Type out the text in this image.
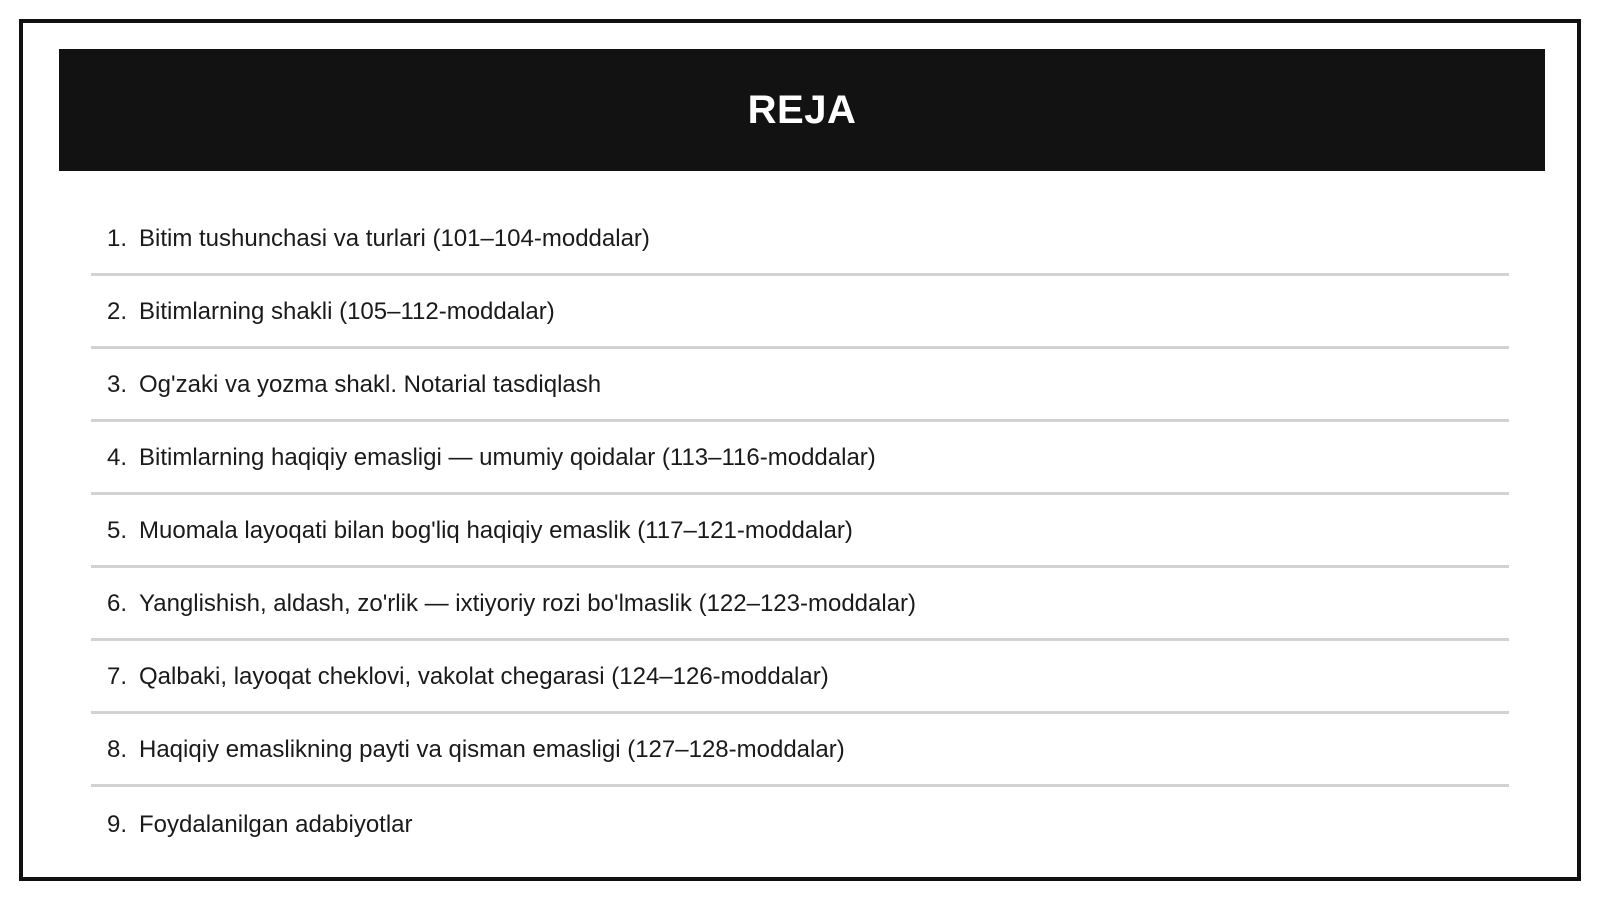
REJA
1. Bitim tushunchasi va turlari (101–104-moddalar)
2. Bitimlarning shakli (105–112-moddalar)
3. Og'zaki va yozma shakl. Notarial tasdiqlash
4. Bitimlarning haqiqiy emasligi — umumiy qoidalar (113–116-moddalar)
5. Muomala layoqati bilan bog'liq haqiqiy emaslik (117–121-moddalar)
6. Yanglishish, aldash, zo'rlik — ixtiyoriy rozi bo'lmaslik (122–123-moddalar)
7. Qalbaki, layoqat cheklovi, vakolat chegarasi (124–126-moddalar)
8. Haqiqiy emaslikning payti va qisman emasligi (127–128-moddalar)
9. Foydalanilgan adabiyotlar
